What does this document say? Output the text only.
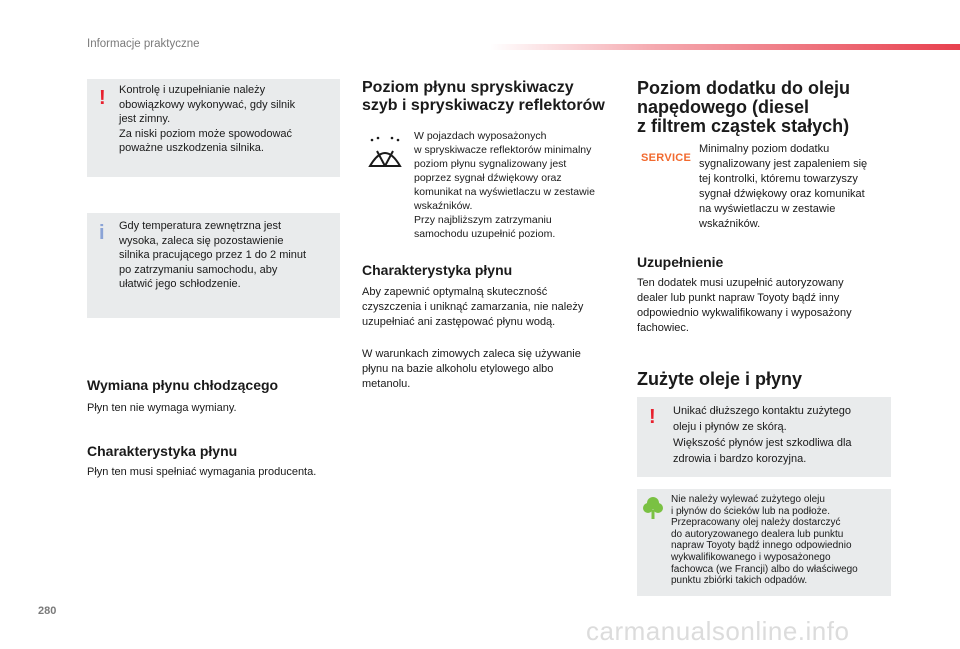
Informacje praktyczne
! Kontrolę i uzupełnianie należy
obowiązkowy wykonywać, gdy silnik
jest zimny.
Za niski poziom może spowodować
poważne uszkodzenia silnika.
i Gdy temperatura zewnętrzna jest
wysoka, zaleca się pozostawienie
silnika pracującego przez 1 do 2 minut
po zatrzymaniu samochodu, aby
ułatwić jego schłodzenie.
Wymiana płynu chłodzącego
Płyn ten nie wymaga wymiany.
Charakterystyka płynu
Płyn ten musi spełniać wymagania producenta.
Poziom płynu spryskiwaczy
szyb i spryskiwaczy reflektorów
W pojazdach wyposażonych
w spryskiwacze reflektorów minimalny
poziom płynu sygnalizowany jest
poprzez sygnał dźwiękowy oraz
komunikat na wyświetlaczu w zestawie
wskaźników.
Przy najbliższym zatrzymaniu
samochodu uzupełnić poziom.
Charakterystyka płynu
Aby zapewnić optymalną skuteczność
czyszczenia i uniknąć zamarzania, nie należy
uzupełniać ani zastępować płynu wodą.
W warunkach zimowych zaleca się używanie
płynu na bazie alkoholu etylowego albo
metanolu.
Poziom dodatku do oleju
napędowego (diesel
z filtrem cząstek stałych)
SERVICE
Minimalny poziom dodatku
sygnalizowany jest zapaleniem się
tej kontrolki, któremu towarzyszy
sygnał dźwiękowy oraz komunikat
na wyświetlaczu w zestawie
wskaźników.
Uzupełnienie
Ten dodatek musi uzupełnić autoryzowany
dealer lub punkt napraw Toyoty bądź inny
odpowiednio wykwalifikowany i wyposażony
fachowiec.
Zużyte oleje i płyny
! Unikać dłuższego kontaktu zużytego
oleju i płynów ze skórą.
Większość płynów jest szkodliwa dla
zdrowia i bardzo korozyjna.
Nie należy wylewać zużytego oleju
i płynów do ścieków lub na podłoże.
Przepracowany olej należy dostarczyć
do autoryzowanego dealera lub punktu
napraw Toyoty bądź innego odpowiednio
wykwalifikowanego i wyposażonego
fachowca (we Francji) albo do właściwego
punktu zbiórki takich odpadów.
280
carmanualsonline.info
